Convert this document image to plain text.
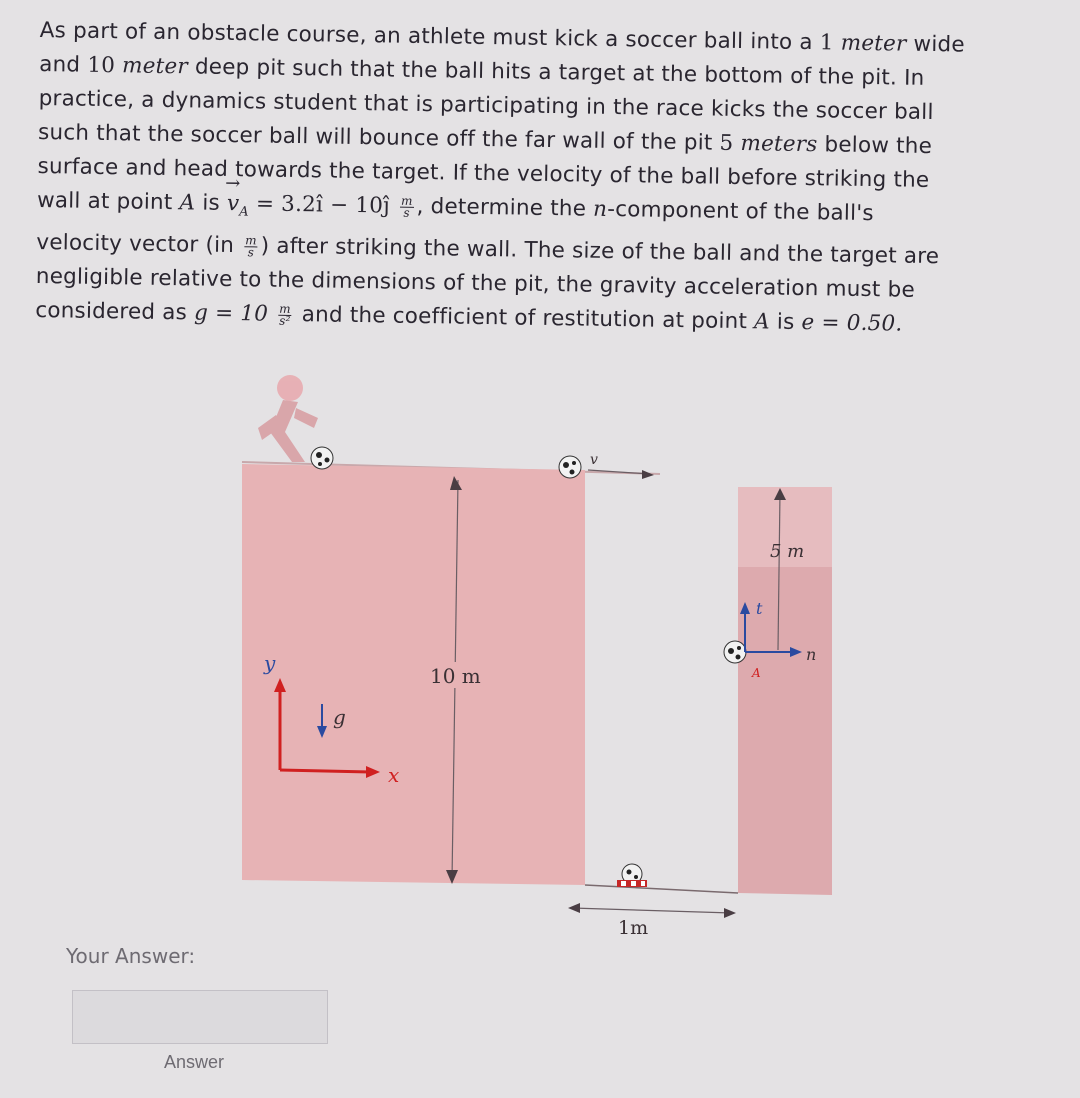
As part of an obstacle course, an athlete must kick a soccer ball into a 1 meter wide
and 10 meter deep pit such that the ball hits a target at the bottom of the pit. In
practice, a dynamics student that is participating in the race kicks the soccer ball
such that the soccer ball will bounce off the far wall of the pit 5 meters below the
surface and head towards the target. If the velocity of the ball before striking the
wall at point A is → $v_A$ = 3.2î − 10ĵ $\frac{m}{s}$ , determine the n-component of the ball's
velocity vector ($in \frac{m}{s}$ ) after striking the wall. The size of the ball and the target are
negligible relative to the dimensions of the pit, the gravity acceleration must be
considered as $g = 10 \frac{m}{\text{s²}}$ and the coefficient of restitution at point A is e = 0.50.
10 m
1m
5 m
v
t
n
A
y
x
g
Your Answer:
Answer
